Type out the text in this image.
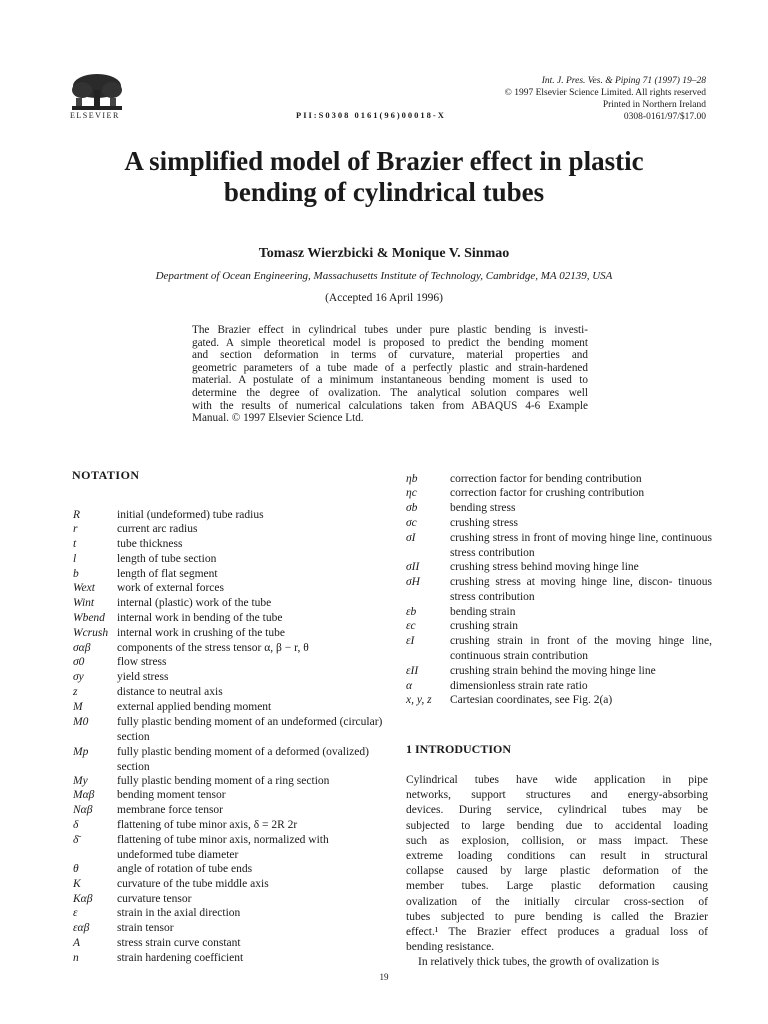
ELSEVIER	PII:S0308 0161(96)00018-X
Int. J. Pres. Ves. & Piping 71 (1997) 19–28
© 1997 Elsevier Science Limited. All rights reserved
Printed in Northern Ireland
0308-0161/97/$17.00
A simplified model of Brazier effect in plastic
bending of cylindrical tubes
Tomasz Wierzbicki & Monique V. Sinmao
Department of Ocean Engineering, Massachusetts Institute of Technology, Cambridge, MA 02139, USA
(Accepted 16 April 1996)
The Brazier effect in cylindrical tubes under pure plastic bending is investi-
gated. A simple theoretical model is proposed to predict the bending moment
and section deformation in terms of curvature, material properties and
geometric parameters of a tube made of a perfectly plastic and strain-hardened
material. A postulate of a minimum instantaneous bending moment is used to
determine the degree of ovalization. The analytical solution compares well
with the results of numerical calculations taken from ABAQUS 4-6 Example
Manual. © 1997 Elsevier Science Ltd.
NOTATION
R	initial (undeformed) tube radius
r	current arc radius
t	tube thickness
l	length of tube section
b	length of flat segment
Wext work of external forces
Wint internal (plastic) work of the tube
Wbend internal work in bending of the tube
Wcrush internal work in crushing of the tube
σαβ components of the stress tensor α, β − r, θ
σ0	flow stress
σy	yield stress
z	distance to neutral axis
M	external applied bending moment
M0 fully plastic bending moment of an undeformed (circular) section
Mp fully plastic bending moment of a deformed (ovalized) section
My	fully plastic bending moment of a ring section
Mαβ bending moment tensor
Nαβ membrane force tensor
δ	flattening of tube minor axis, δ = 2R 2r
δ̄	flattening of tube minor axis, normalized with undeformed tube diameter
θ	angle of rotation of tube ends
K	curvature of the tube middle axis
Kαβ curvature tensor
ε	strain in the axial direction
εαβ strain tensor
A	stress strain curve constant
n	strain hardening coefficient
ηb	correction factor for bending contribution
ηc	correction factor for crushing contribution
σb	bending stress
σc	crushing stress
σI	crushing stress in front of moving hinge line, continuous stress contribution
σII	crushing stress behind moving hinge line
σH	crushing stress at moving hinge line, discon- tinuous stress contribution
εb	bending strain
εc	crushing strain
εI	crushing strain in front of the moving hinge line, continuous strain contribution
εII	crushing strain behind the moving hinge line
α	dimensionless strain rate ratio
x, y, z Cartesian coordinates, see Fig. 2(a)
1 INTRODUCTION
Cylindrical tubes have wide application in pipe
networks, support structures and energy-absorbing
devices. During service, cylindrical tubes may be
subjected to large bending due to accidental loading
such as explosion, collision, or mass impact. These
extreme loading conditions can result in structural
collapse caused by large plastic deformation of the
member tubes. Large plastic deformation causing
ovalization of the initially circular cross-section of
tubes subjected to pure bending is called the Brazier
effect.¹ The Brazier effect produces a gradual loss of
bending resistance.
In relatively thick tubes, the growth of ovalization is
19
